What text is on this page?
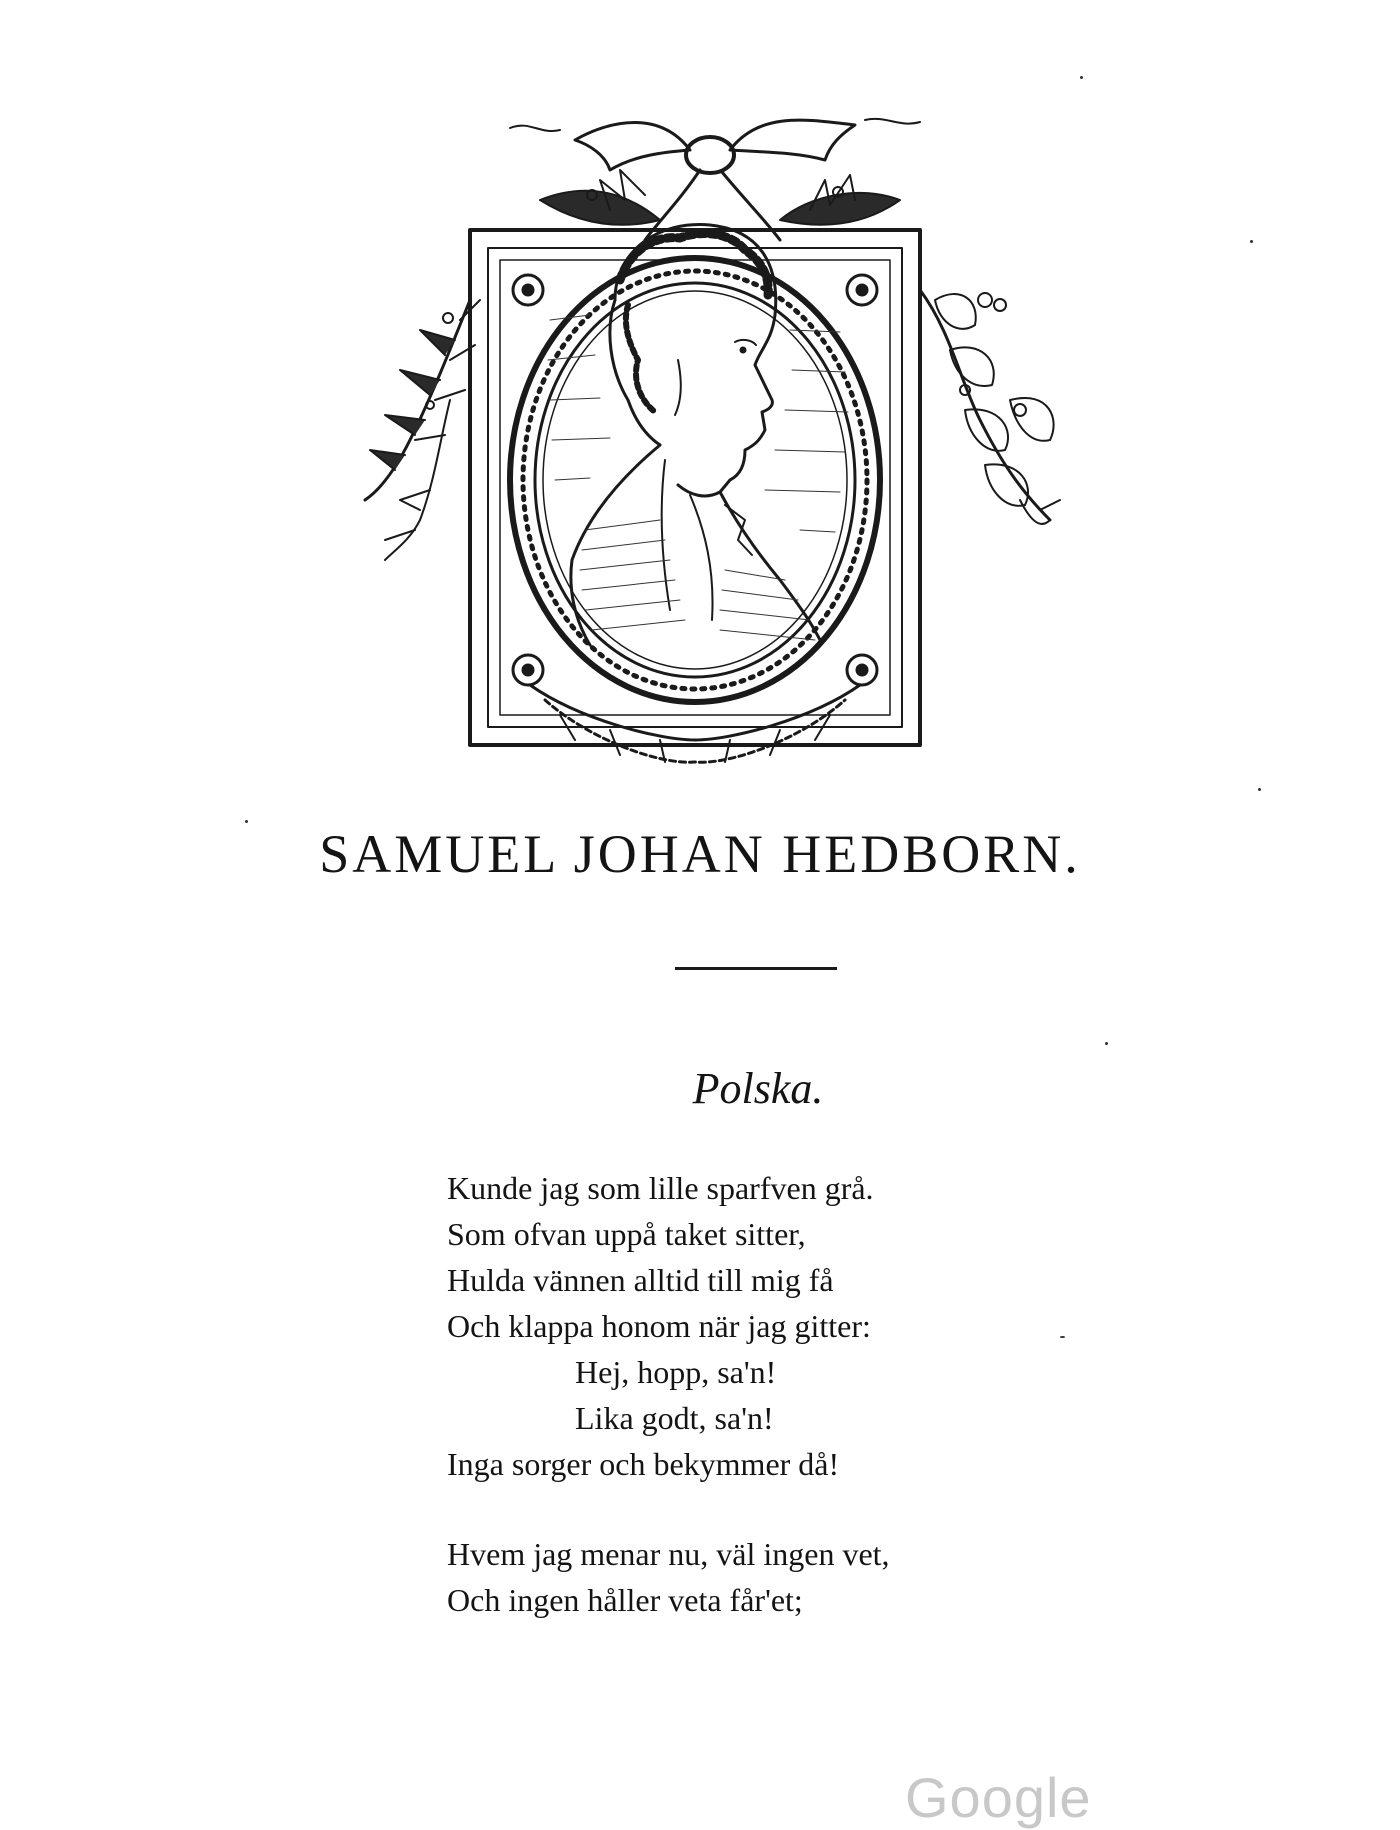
SAMUEL JOHAN HEDBORN.
Polska.
Kunde jag som lille sparfven grå.
Som ofvan uppå taket sitter,
Hulda vännen alltid till mig få
Och klappa honom när jag gitter:
Hej, hopp, sa'n!
Lika godt, sa'n!
Inga sorger och bekymmer då!
Hvem jag menar nu, väl ingen vet,
Och ingen håller veta får'et;
Google
